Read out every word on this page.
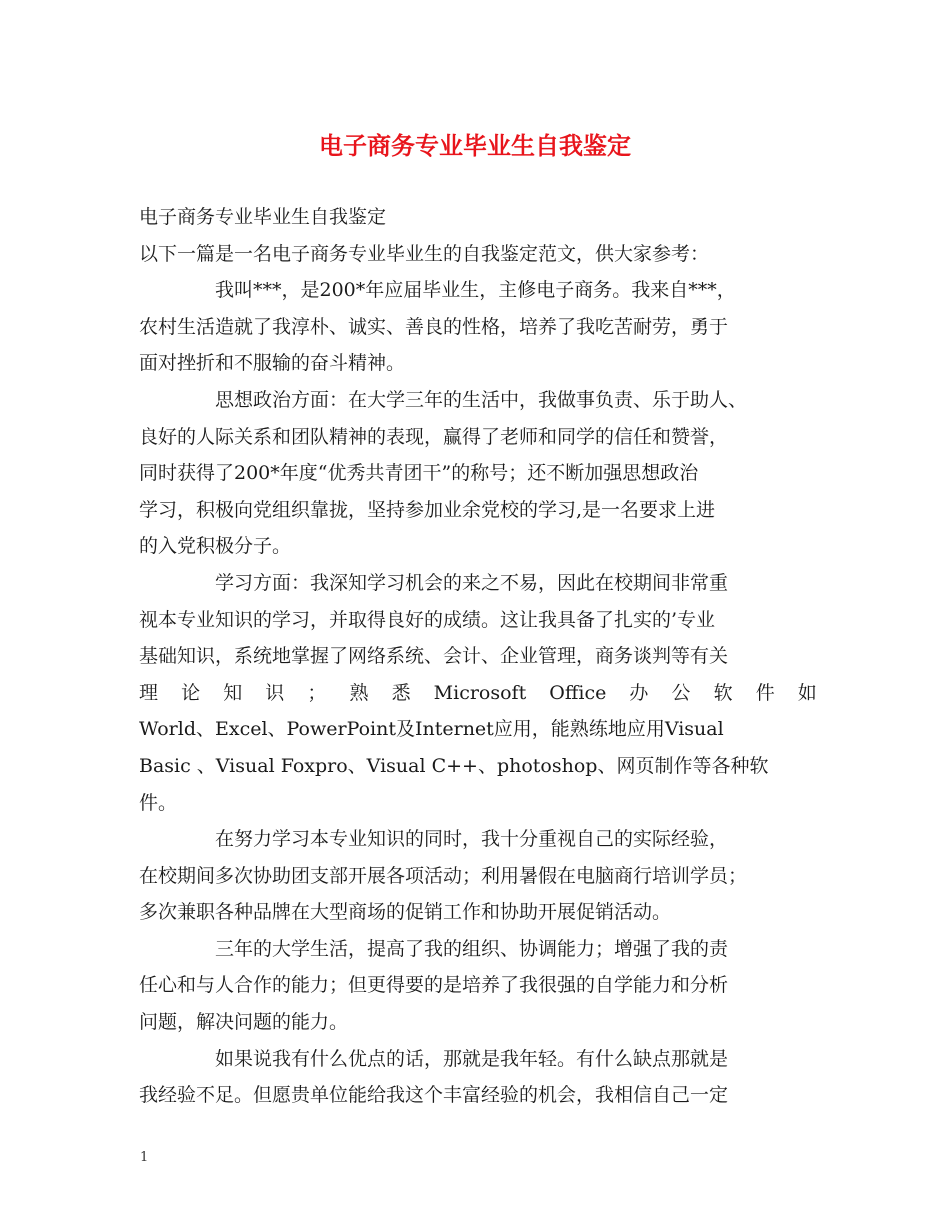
电子商务专业毕业生自我鉴定

电子商务专业毕业生自我鉴定

以下一篇是一名电子商务专业毕业生的自我鉴定范文，供大家参考：

我叫***，是200*年应届毕业生，主修电子商务。我来自***，
农村生活造就了我淳朴、诚实、善良的性格，培养了我吃苦耐劳，勇于
面对挫折和不服输的奋斗精神。

思想政治方面：在大学三年的生活中，我做事负责、乐于助人、
良好的人际关系和团队精神的表现，赢得了老师和同学的信任和赞誉，
同时获得了200*年度“优秀共青团干”的称号；还不断加强思想政治
学习，积极向党组织靠拢，坚持参加业余党校的学习,是一名要求上进
的入党积极分子。

学习方面：我深知学习机会的来之不易，因此在校期间非常重
视本专业知识的学习，并取得良好的成绩。这让我具备了扎实的’专业
基础知识，系统地掌握了网络系统、会计、企业管理，商务谈判等有关
理 论 知 识 ； 熟 悉 Microsoft Office 办 公 软 件 如
World、Excel、PowerPoint及Internet应用，能熟练地应用Visual
Basic 、Visual Foxpro、Visual C++、photoshop、网页制作等各种软
件。

在努力学习本专业知识的同时，我十分重视自己的实际经验，
在校期间多次协助团支部开展各项活动；利用暑假在电脑商行培训学员；
多次兼职各种品牌在大型商场的促销工作和协助开展促销活动。

三年的大学生活，提高了我的组织、协调能力；增强了我的责
任心和与人合作的能力；但更得要的是培养了我很强的自学能力和分析
问题，解决问题的能力。

如果说我有什么优点的话，那就是我年轻。有什么缺点那就是
我经验不足。但愿贵单位能给我这个丰富经验的机会，我相信自己一定

1
